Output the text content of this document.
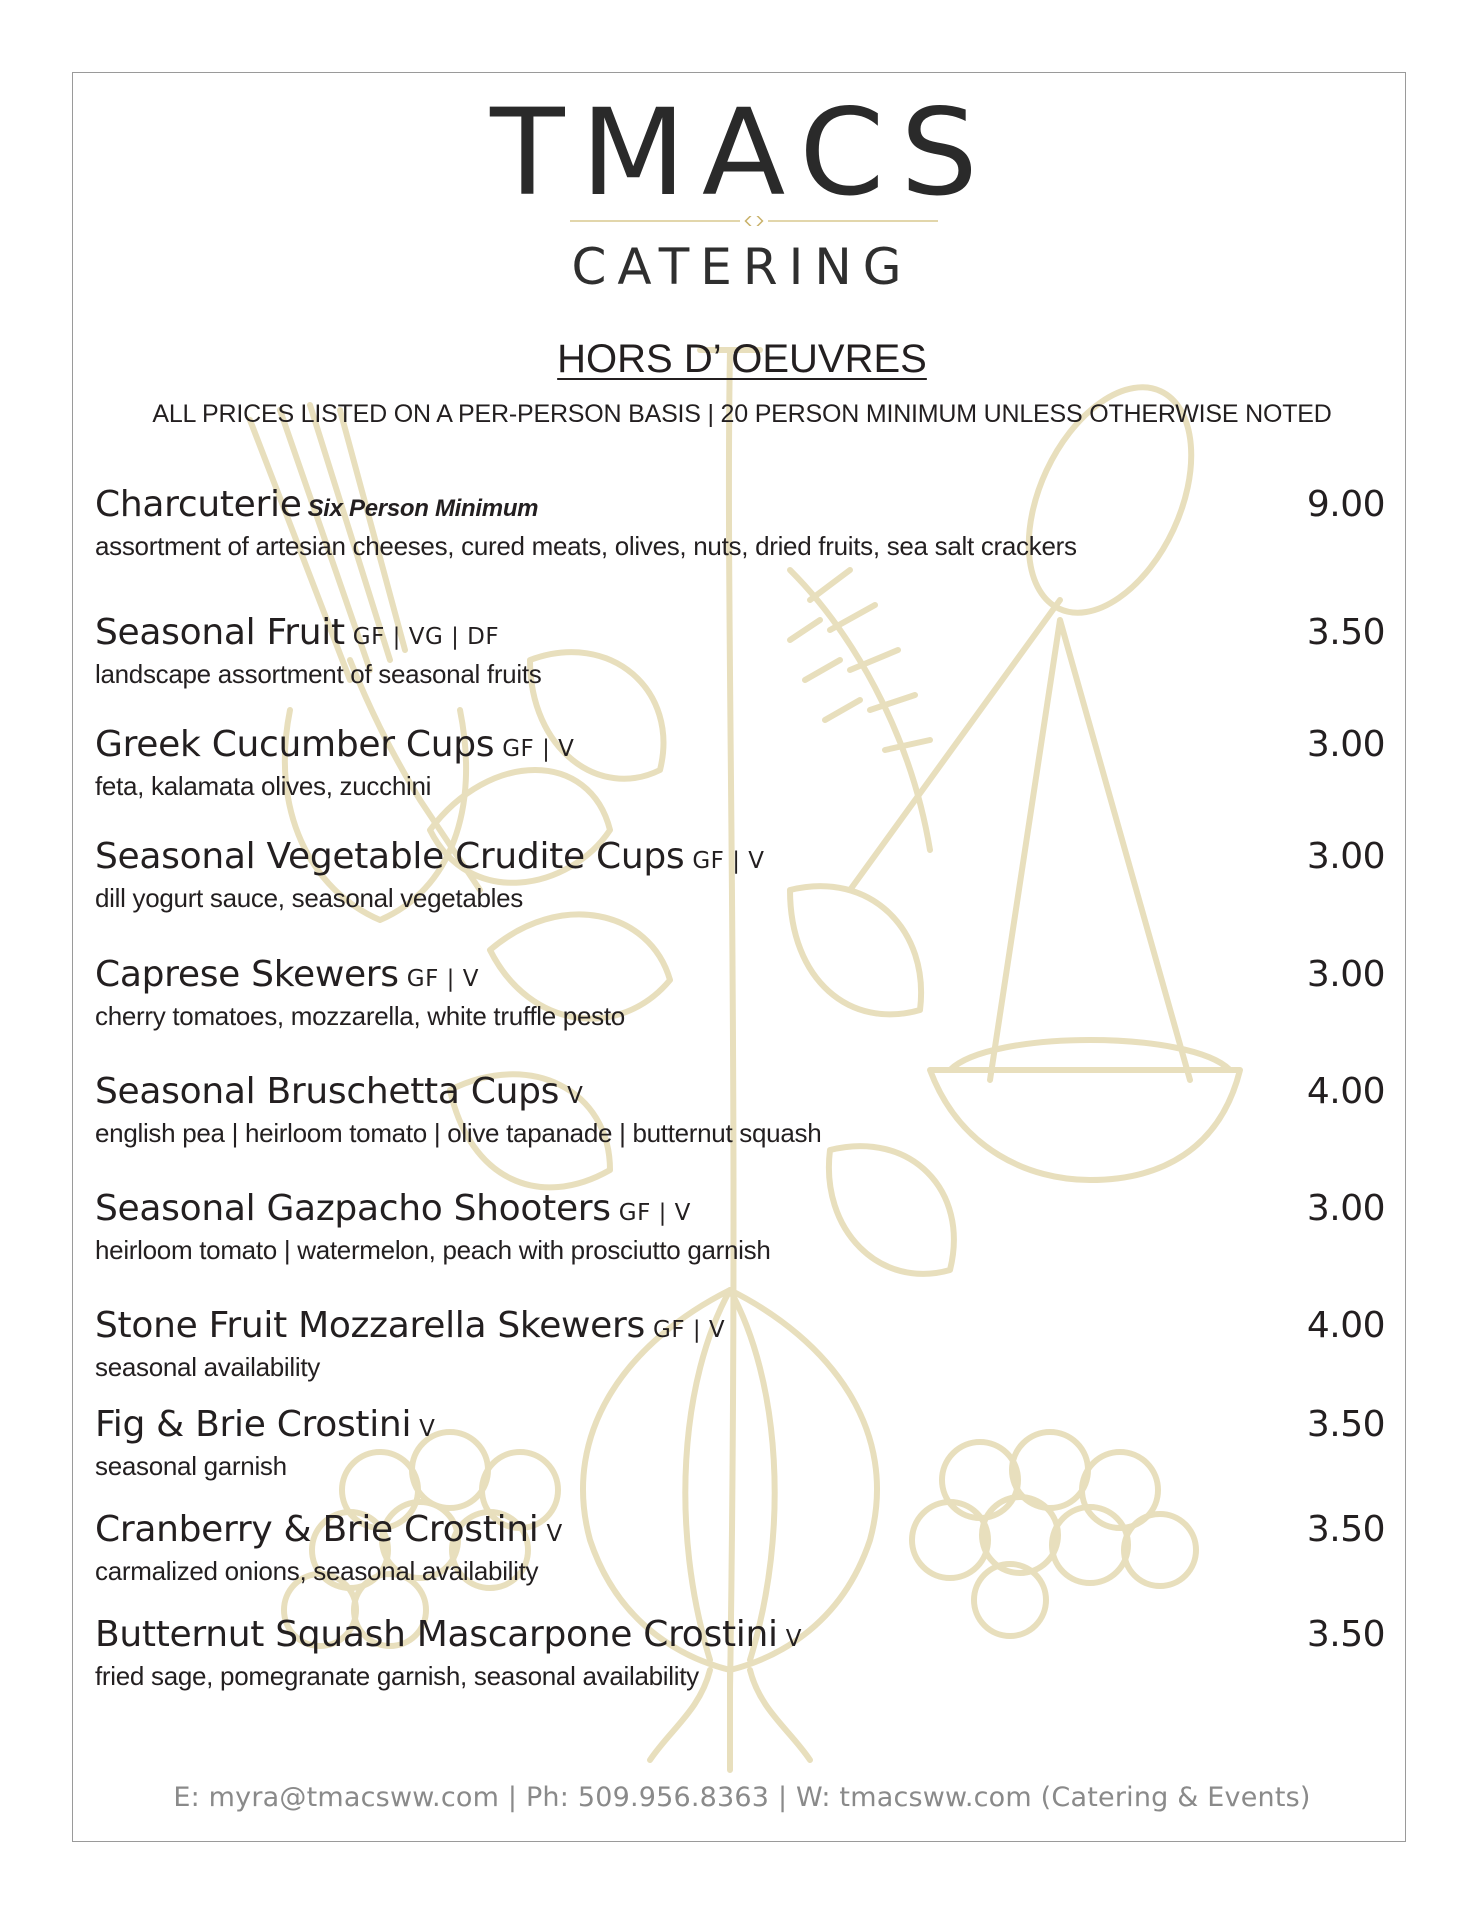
TMACS
CATERING
HORS D’ OEUVRES
ALL PRICES LISTED ON A PER-PERSON BASIS | 20 PERSON MINIMUM UNLESS OTHERWISE NOTED
Charcuterie Six Person Minimum
assortment of artesian cheeses, cured meats, olives, nuts, dried fruits, sea salt crackers
9.00
Seasonal Fruit GF | VG | DF
landscape assortment of seasonal fruits
3.50
Greek Cucumber Cups GF | V
feta, kalamata olives, zucchini
3.00
Seasonal Vegetable Crudite Cups GF | V
dill yogurt sauce, seasonal vegetables
3.00
Caprese Skewers GF | V
cherry tomatoes, mozzarella, white truffle pesto
3.00
Seasonal Bruschetta Cups V
english pea | heirloom tomato | olive tapanade | butternut squash
4.00
Seasonal Gazpacho Shooters GF | V
heirloom tomato | watermelon, peach with prosciutto garnish
3.00
Stone Fruit Mozzarella Skewers GF | V
seasonal availability
4.00
Fig & Brie Crostini V
seasonal garnish
3.50
Cranberry & Brie Crostini V
carmalized onions, seasonal availability
3.50
Butternut Squash Mascarpone Crostini V
fried sage, pomegranate garnish, seasonal availability
3.50
E: myra@tmacsww.com | Ph: 509.956.8363 | W: tmacsww.com (Catering & Events)
